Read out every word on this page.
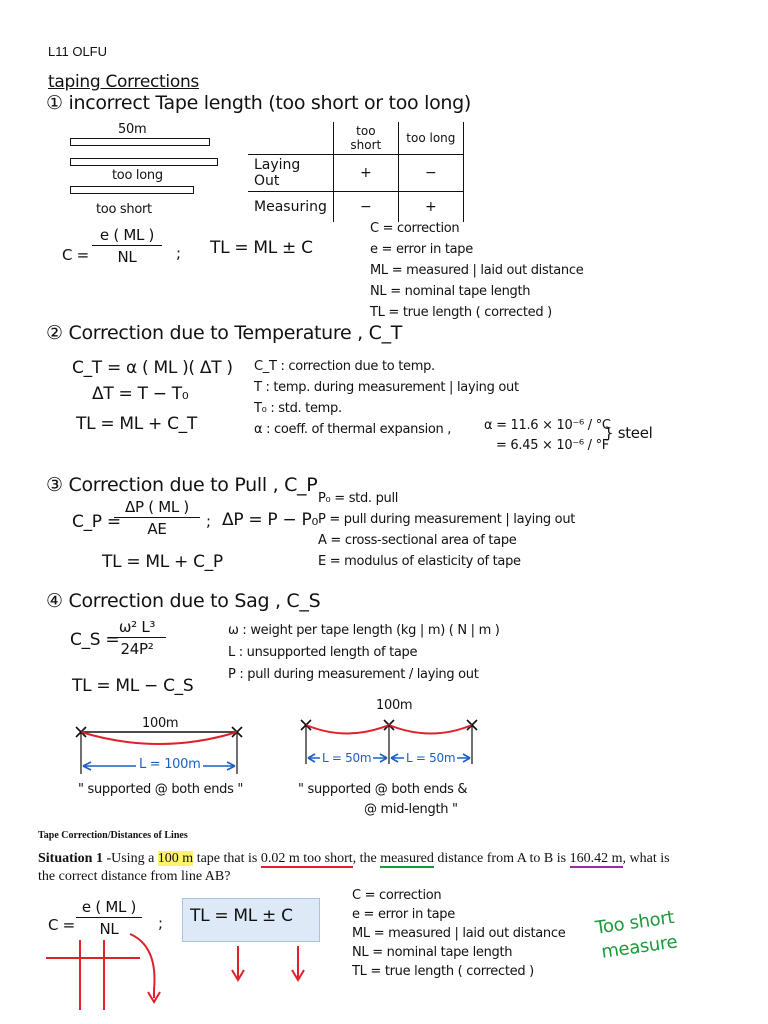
L11 OLFU
taping Corrections
① incorrect Tape length (too short or too long)
50m
too long
too short
	too short	too long
Laying Out	+	−
Measuring	−	+
$C = \frac{e ( ML )}{NL}$ ; TL = ML ± C
C = correction
e = error in tape
ML = measured | laid out distance
NL = nominal tape length
TL = true length ( corrected )
② Correction due to Temperature , C_T
C_T = α ( ML )( ΔT )
ΔT = T − T₀
TL = ML + C_T
C_T : correction due to temp.
T : temp. during measurement | laying out
T₀ : std. temp.
α : coeff. of thermal expansion ,	α = 11.6 × 10⁻⁶ / °C
= 6.45 × 10⁻⁶ / °F
} steel
③ Correction due to Pull , C_P
C_P =
$\frac{\Delta P ( ML )}{AE}$ ; ΔP = P − P₀
TL = ML + C_P
P₀ = std. pull
P = pull during measurement | laying out
A = cross-sectional area of tape
E = modulus of elasticity of tape
④ Correction due to Sag , C_S
C_S =
$\frac{\text{ω² L³}}{\text{24P²}}$
TL = ML − C_S
ω : weight per tape length (kg | m) ( N | m )
L : unsupported length of tape
P : pull during measurement / laying out
100m
L = 100m
" supported @ both ends "
100m
L = 50m	L = 50m
" supported @ both ends &
@ mid-length "
Tape Correction/Distances of Lines
Situation 1 -Using a 100 m tape that is 0.02 m too short, the measured distance from A to B is 160.42 m, what is
the correct distance from line AB?
$C = \frac{e ( ML )}{NL}$ ; TL = ML ± C
C = correction
e = error in tape
ML = measured | laid out distance
NL = nominal tape length
TL = true length ( corrected )
Too short
measure
